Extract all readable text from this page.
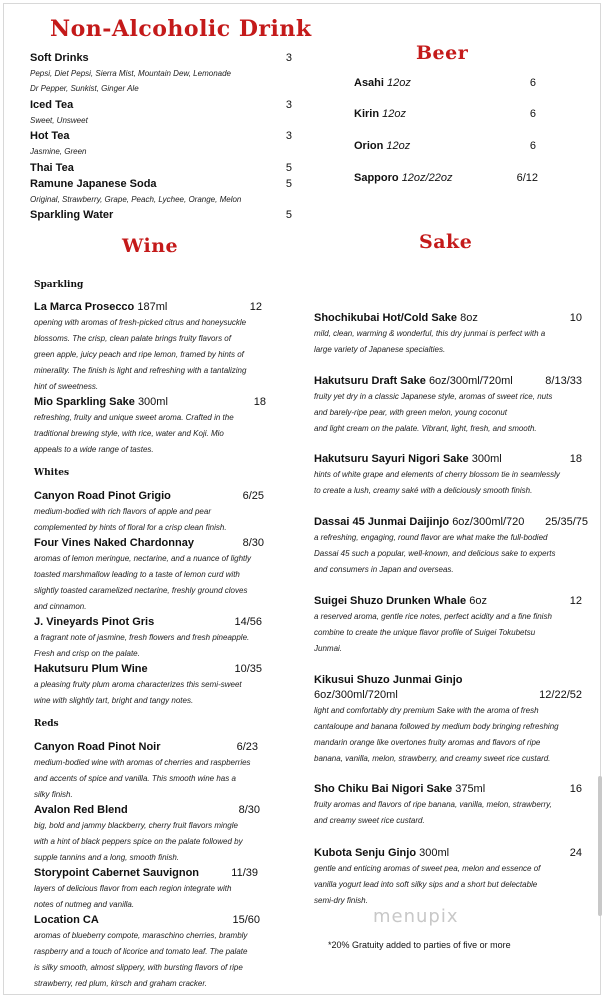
Non-Alcoholic Drink
Soft Drinks	3
Pepsi, Diet Pepsi, Sierra Mist, Mountain Dew, Lemonade
Dr Pepper, Sunkist, Ginger Ale
Iced Tea	3
Sweet, Unsweet
Hot Tea	3
Jasmine, Green
Thai Tea	5
Ramune Japanese Soda	5
Original, Strawberry, Grape, Peach, Lychee, Orange, Melon
Sparkling Water	5
Beer
Asahi 12oz	6
Kirin 12oz	6
Orion 12oz	6
Sapporo 12oz/22oz	6/12
Wine
Sparkling
La Marca Prosecco 187ml	12
opening with aromas of fresh-picked citrus and honeysuckle
blossoms. The crisp, clean palate brings fruity flavors of
green apple, juicy peach and ripe lemon, framed by hints of
minerality. The finish is light and refreshing with a tantalizing
hint of sweetness.
Mio Sparkling Sake 300ml	18
refreshing, fruity and unique sweet aroma. Crafted in the
traditional brewing style, with rice, water and Koji. Mio
appeals to a wide range of tastes.
Whites
Canyon Road Pinot Grigio	6/25
medium-bodied with rich flavors of apple and pear
complemented by hints of floral for a crisp clean finish.
Four Vines Naked Chardonnay	8/30
aromas of lemon meringue, nectarine, and a nuance of lightly
toasted marshmallow leading to a taste of lemon curd with
slightly toasted caramelized nectarine, freshly ground cloves
and cinnamon.
J. Vineyards Pinot Gris	14/56
a fragrant note of jasmine, fresh flowers and fresh pineapple.
Fresh and crisp on the palate.
Hakutsuru Plum Wine	10/35
a pleasing fruity plum aroma characterizes this semi-sweet
wine with slightly tart, bright and tangy notes.
Reds
Canyon Road Pinot Noir	6/23
medium-bodied wine with aromas of cherries and raspberries
and accents of spice and vanilla. This smooth wine has a
silky finish.
Avalon Red Blend	8/30
big, bold and jammy blackberry, cherry fruit flavors mingle
with a hint of black peppers spice on the palate followed by
supple tannins and a long, smooth finish.
Storypoint Cabernet Sauvignon	11/39
layers of delicious flavor from each region integrate with
notes of nutmeg and vanilla.
Location CA	15/60
aromas of blueberry compote, maraschino cherries, brambly
raspberry and a touch of licorice and tomato leaf. The palate
is silky smooth, almost slippery, with bursting flavors of ripe
strawberry, red plum, kirsch and graham cracker.
Sake
Shochikubai Hot/Cold Sake 8oz	10
mild, clean, warming & wonderful, this dry junmai is perfect with a
large variety of Japanese specialties.
Hakutsuru Draft Sake 6oz/300ml/720ml	8/13/33
fruity yet dry in a classic Japanese style, aromas of sweet rice, nuts
and barely-ripe pear, with green melon, young coconut
and light cream on the palate. Vibrant, light, fresh, and smooth.
Hakutsuru Sayuri Nigori Sake 300ml	18
hints of white grape and elements of cherry blossom tie in seamlessly
to create a lush, creamy saké with a deliciously smooth finish.
Dassai 45 Junmai Daijinjo 6oz/300ml/720	25/35/75
a refreshing, engaging, round flavor are what make the full-bodied
Dassai 45 such a popular, well-known, and delicious sake to experts
and consumers in Japan and overseas.
Suigei Shuzo Drunken Whale 6oz	12
a reserved aroma, gentle rice notes, perfect acidity and a fine finish
combine to create the unique flavor profile of Suigei Tokubetsu
Junmai.
Kikusui Shuzo Junmai Ginjo
6oz/300ml/720ml	12/22/52
light and comfortably dry premium Sake with the aroma of fresh
cantaloupe and banana followed by medium body bringing refreshing
mandarin orange like overtones fruity aromas and flavors of ripe
banana, vanilla, melon, strawberry, and creamy sweet rice custard.
Sho Chiku Bai Nigori Sake 375ml	16
fruity aromas and flavors of ripe banana, vanilla, melon, strawberry,
and creamy sweet rice custard.
Kubota Senju Ginjo 300ml	24
gentle and enticing aromas of sweet pea, melon and essence of
vanilla yogurt lead into soft silky sips and a short but delectable
semi-dry finish.
menupix
*20% Gratuity added to parties of five or more
